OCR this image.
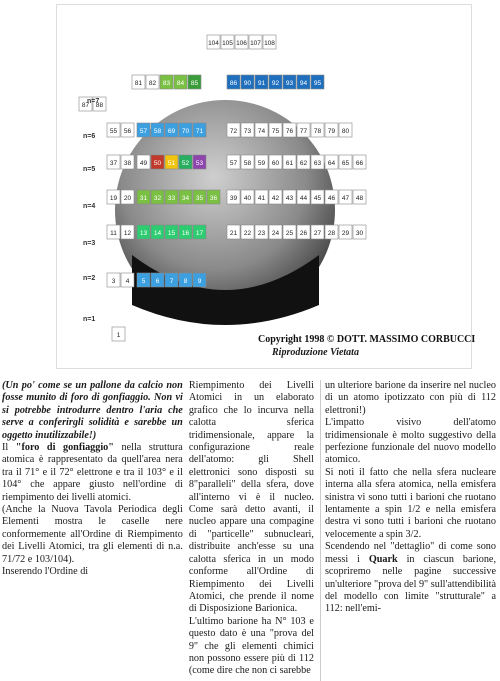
104 105 106 107 108
81 82 83 84 85	86 90 91 92 93 94 95
87 88
55 56 57 58 69 70 71	72 73 74 75 76 77 78 79 80
37 38 49 50 51 52 53	57 58 59 60 61 62 63 64 65 66
19 20 31 32 33 34 35 36 39 40 41 42 43 44 45 46 47 48
11 12 13 14 15 16 17	21 22 23 24 25 26 27 28 29 30
3 4 5 6 7 8 9
1
n=7
n=6
n=5
n=4
n=3
n=2
n=1
Copyright 1998 © DOTT. MASSIMO CORBUCCI
Riproduzione Vietata

(Un po' come se un pallone da calcio non fosse munito di foro di gonfiaggio. Non vi si potrebbe introdurre dentro l'aria che serve a conferirgli solidità e sarebbe un oggetto inutilizzabile!)

Il "foro di gonfiaggio" nella struttura atomica è rappresentato da quell'area nera tra il 71° e il 72° elettrone e tra il 103° e il 104° che appare giusto nell'ordine di riempimento dei livelli atomici.

(Anche la Nuova Tavola Periodica degli Elementi mostra le caselle nere conformemente all'Ordine di Riempimento dei Livelli Atomici, tra gli elementi di n.a. 71/72 e 103/104).

Inserendo l'Ordine di

Riempimento dei Livelli Atomici in un elaborato grafico che lo incurva nella calotta sferica tridimensionale, appare la configurazione reale dell'atomo: gli Shell elettronici sono disposti su 8"paralleli" della sfera, dove all'interno vi è il nucleo. Come sarà detto avanti, il nucleo appare una compagine di "particelle" subnucleari, distribuite anch'esse su una calotta sferica in un modo conforme all'Ordine di Riempimento dei Livelli Atomici, che prende il nome di Disposizione Barionica.

L'ultimo barione ha N° 103 e questo dato è una "prova del 9" che gli elementi chimici non possono essere più di 112 (come dire che non ci sarebbe

un ulteriore barione da inserire nel nucleo di un atomo ipotizzato con più di 112 elettroni!)

L'impatto visivo dell'atomo tridimensionale è molto suggestivo della perfezione funzionale del nuovo modello atomico.

Si noti il fatto che nella sfera nucleare interna alla sfera atomica, nella emisfera sinistra vi sono tutti i barioni che ruotano lentamente a spin 1/2 e nella emisfera destra vi sono tutti i barioni che ruotano velocemente a spin 3/2.

Scendendo nel "dettaglio" di come sono messi i Quark in ciascun barione, scopriremo nelle pagine successive un'ulteriore "prova del 9" sull'attendibilità del modello con limite "strutturale" a 112: nell'emi-
